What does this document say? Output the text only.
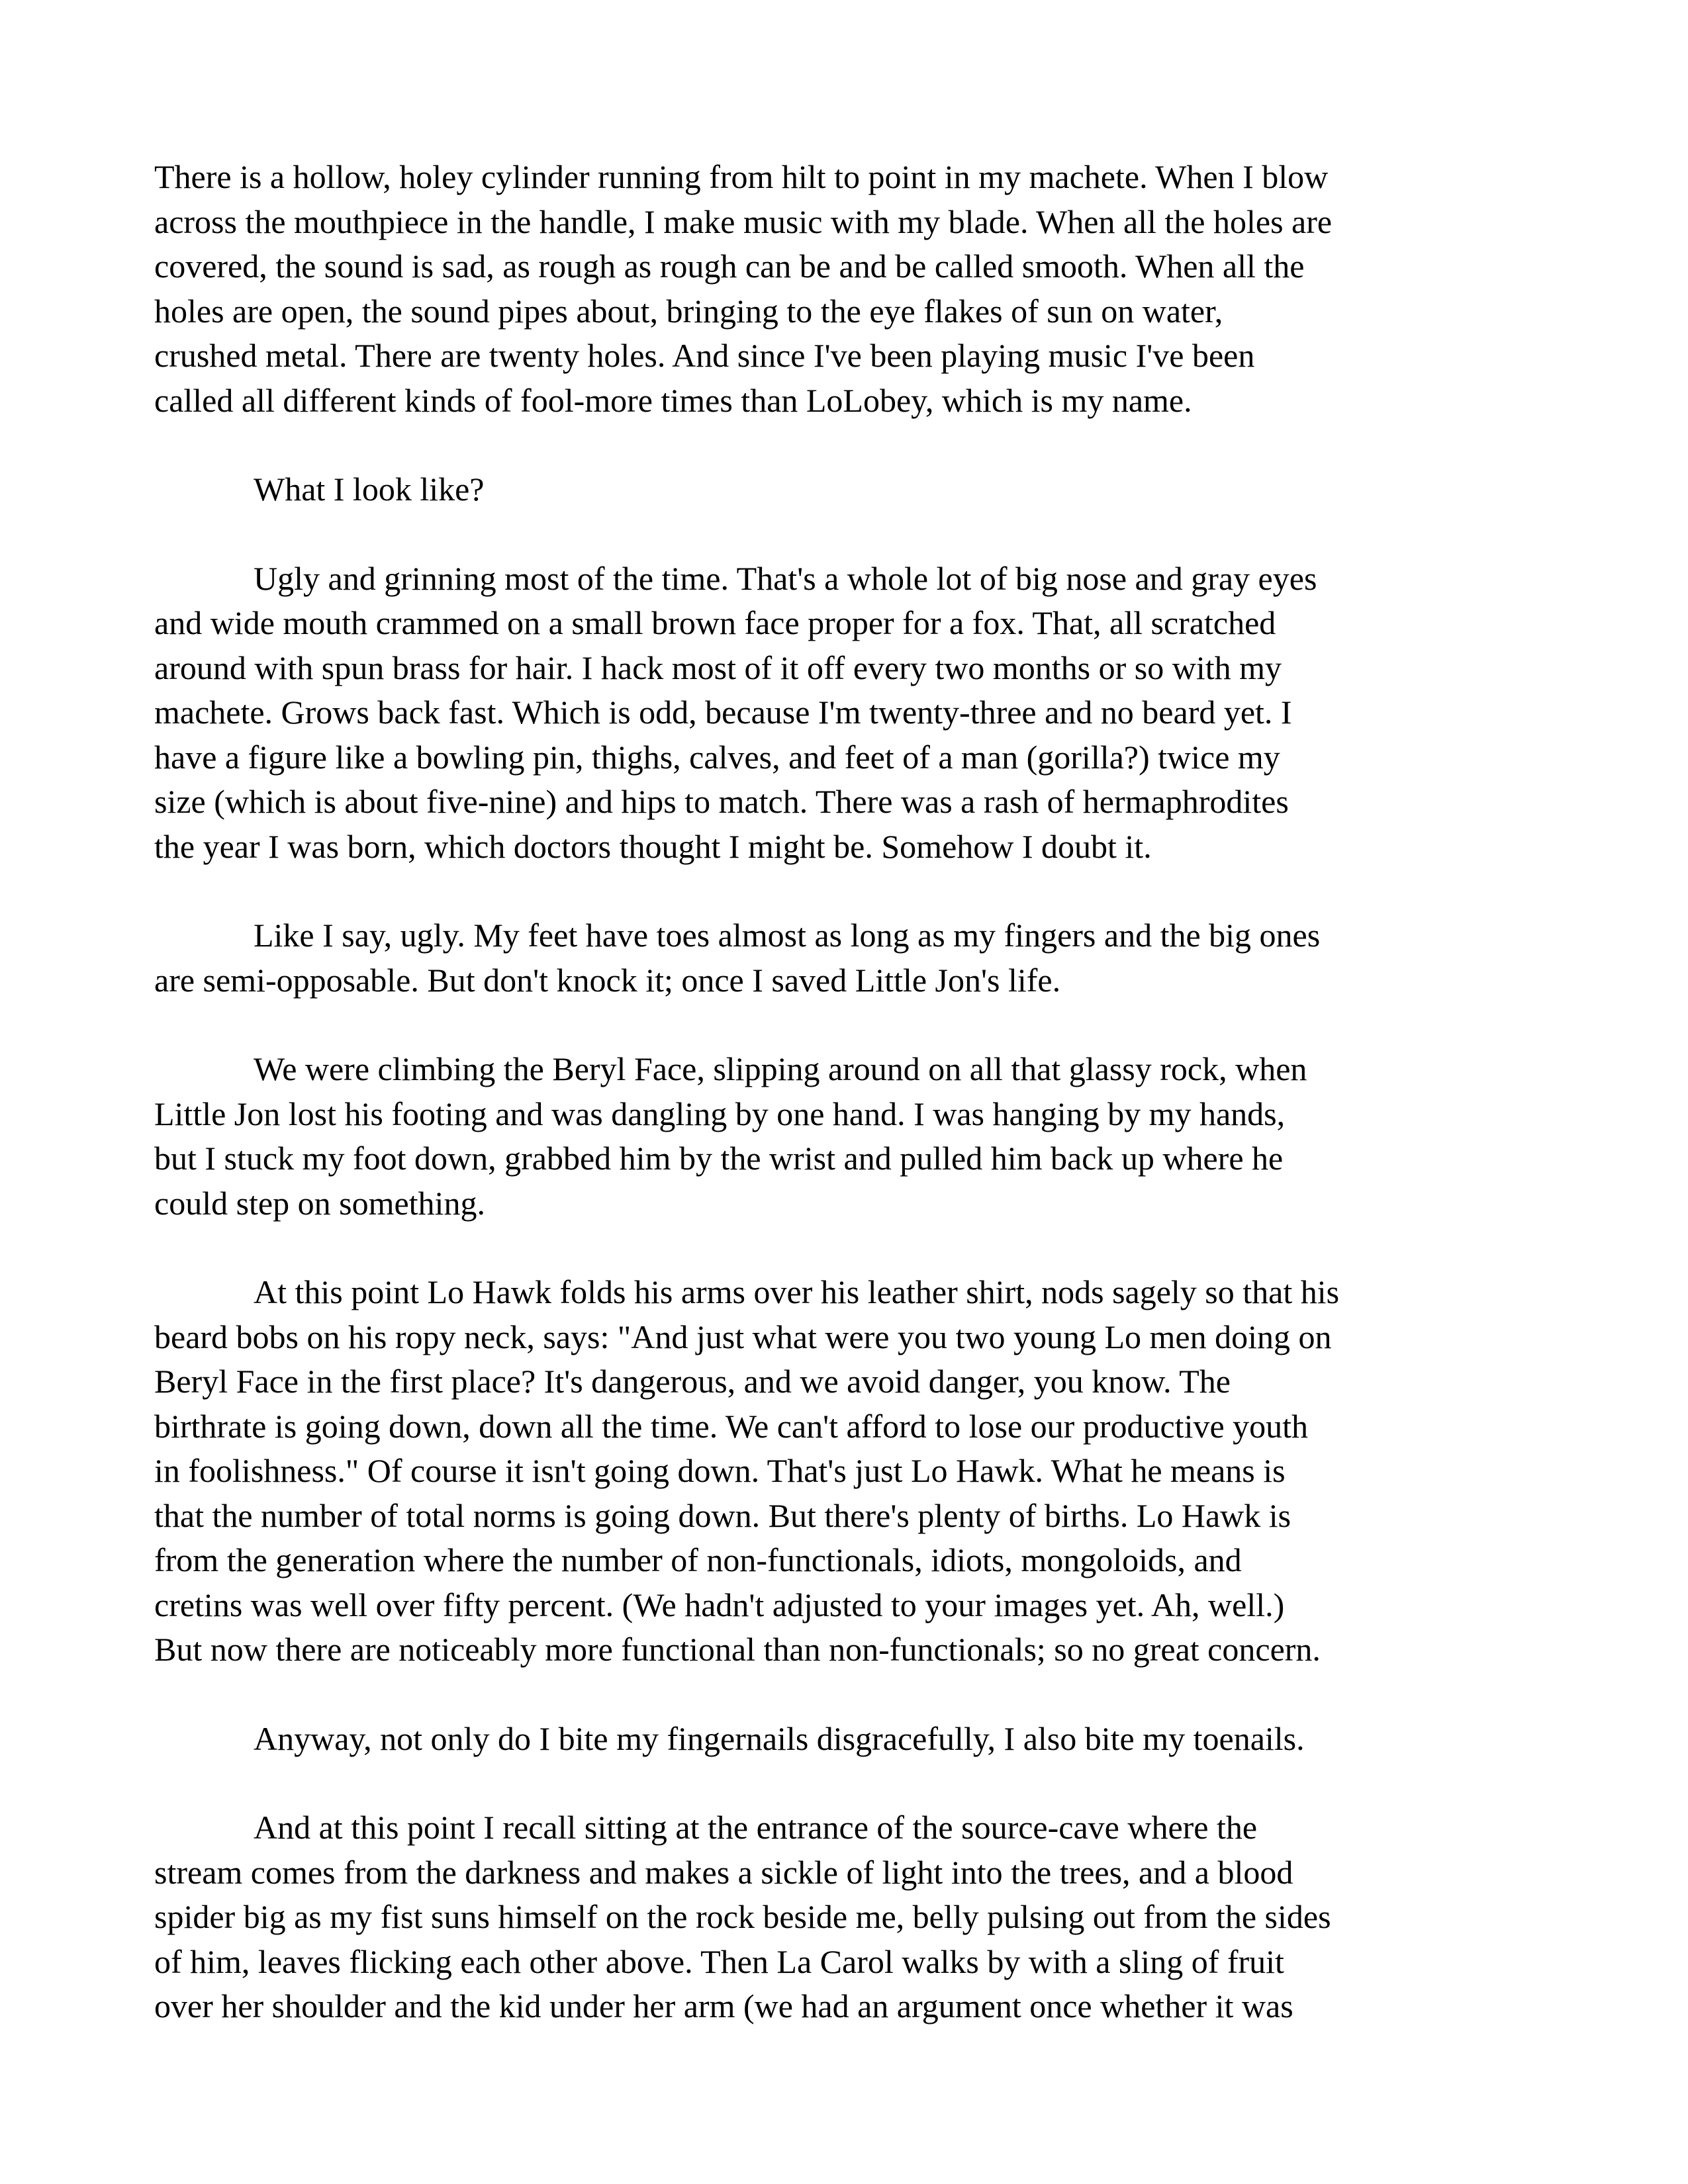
There is a hollow, holey cylinder running from hilt to point in my machete. When I blow
across the mouthpiece in the handle, I make music with my blade. When all the holes are
covered, the sound is sad, as rough as rough can be and be called smooth. When all the
holes are open, the sound pipes about, bringing to the eye flakes of sun on water,
crushed metal. There are twenty holes. And since I've been playing music I've been
called all different kinds of fool-more times than LoLobey, which is my name.
What I look like?
Ugly and grinning most of the time. That's a whole lot of big nose and gray eyes
and wide mouth crammed on a small brown face proper for a fox. That, all scratched
around with spun brass for hair. I hack most of it off every two months or so with my
machete. Grows back fast. Which is odd, because I'm twenty-three and no beard yet. I
have a figure like a bowling pin, thighs, calves, and feet of a man (gorilla?) twice my
size (which is about five-nine) and hips to match. There was a rash of hermaphrodites
the year I was born, which doctors thought I might be. Somehow I doubt it.
Like I say, ugly. My feet have toes almost as long as my fingers and the big ones
are semi-opposable. But don't knock it; once I saved Little Jon's life.
We were climbing the Beryl Face, slipping around on all that glassy rock, when
Little Jon lost his footing and was dangling by one hand. I was hanging by my hands,
but I stuck my foot down, grabbed him by the wrist and pulled him back up where he
could step on something.
At this point Lo Hawk folds his arms over his leather shirt, nods sagely so that his
beard bobs on his ropy neck, says: "And just what were you two young Lo men doing on
Beryl Face in the first place? It's dangerous, and we avoid danger, you know. The
birthrate is going down, down all the time. We can't afford to lose our productive youth
in foolishness." Of course it isn't going down. That's just Lo Hawk. What he means is
that the number of total norms is going down. But there's plenty of births. Lo Hawk is
from the generation where the number of non-functionals, idiots, mongoloids, and
cretins was well over fifty percent. (We hadn't adjusted to your images yet. Ah, well.)
But now there are noticeably more functional than non-functionals; so no great concern.
Anyway, not only do I bite my fingernails disgracefully, I also bite my toenails.
And at this point I recall sitting at the entrance of the source-cave where the
stream comes from the darkness and makes a sickle of light into the trees, and a blood
spider big as my fist suns himself on the rock beside me, belly pulsing out from the sides
of him, leaves flicking each other above. Then La Carol walks by with a sling of fruit
over her shoulder and the kid under her arm (we had an argument once whether it was
